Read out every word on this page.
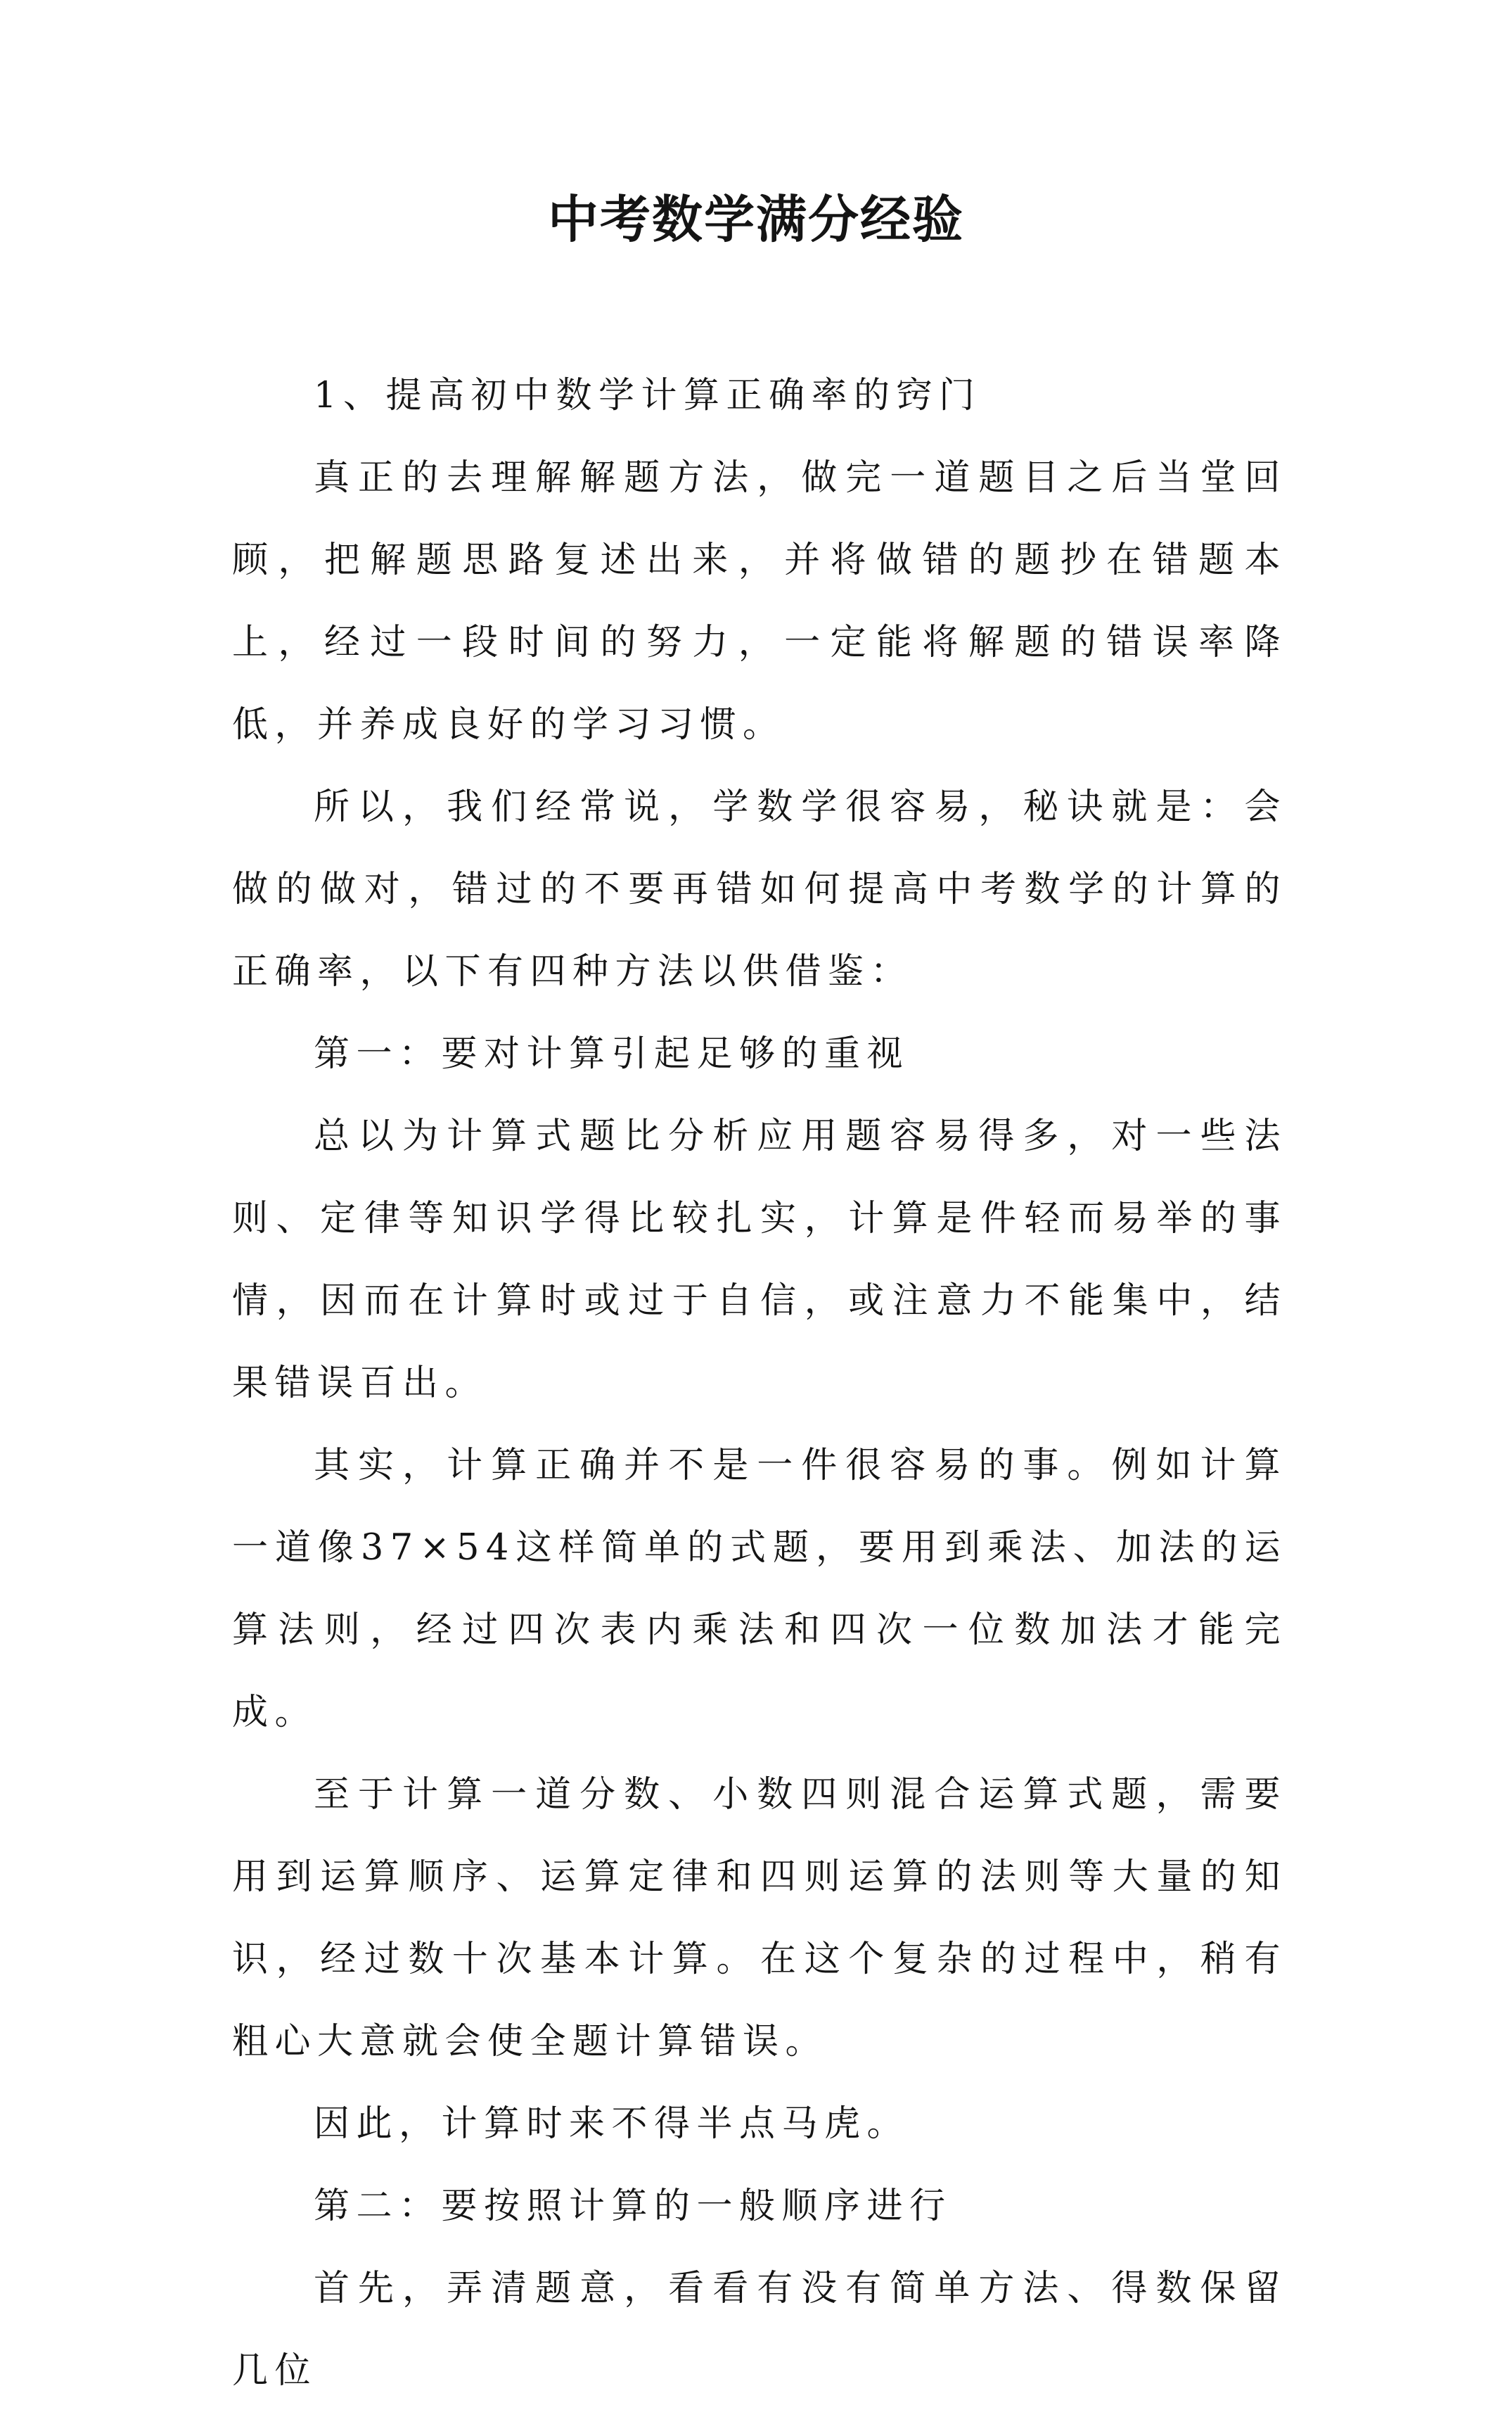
中考数学满分经验

1、提高初中数学计算正确率的窍门

真正的去理解解题方法，做完一道题目之后当堂回顾，把解题思路复述出来，并将做错的题抄在错题本上，经过一段时间的努力，一定能将解题的错误率降低，并养成良好的学习习惯。

所以，我们经常说，学数学很容易，秘诀就是：会做的做对，错过的不要再错如何提高中考数学的计算的正确率，以下有四种方法以供借鉴：

第一：要对计算引起足够的重视

总以为计算式题比分析应用题容易得多，对一些法则、定律等知识学得比较扎实，计算是件轻而易举的事情，因而在计算时或过于自信，或注意力不能集中，结果错误百出。

其实，计算正确并不是一件很容易的事。例如计算一道像37×54这样简单的式题，要用到乘法、加法的运算法则，经过四次表内乘法和四次一位数加法才能完成。

至于计算一道分数、小数四则混合运算式题，需要用到运算顺序、运算定律和四则运算的法则等大量的知识，经过数十次基本计算。在这个复杂的过程中，稍有粗心大意就会使全题计算错误。

因此，计算时来不得半点马虎。

第二：要按照计算的一般顺序进行

首先，弄清题意，看看有没有简单方法、得数保留几位
